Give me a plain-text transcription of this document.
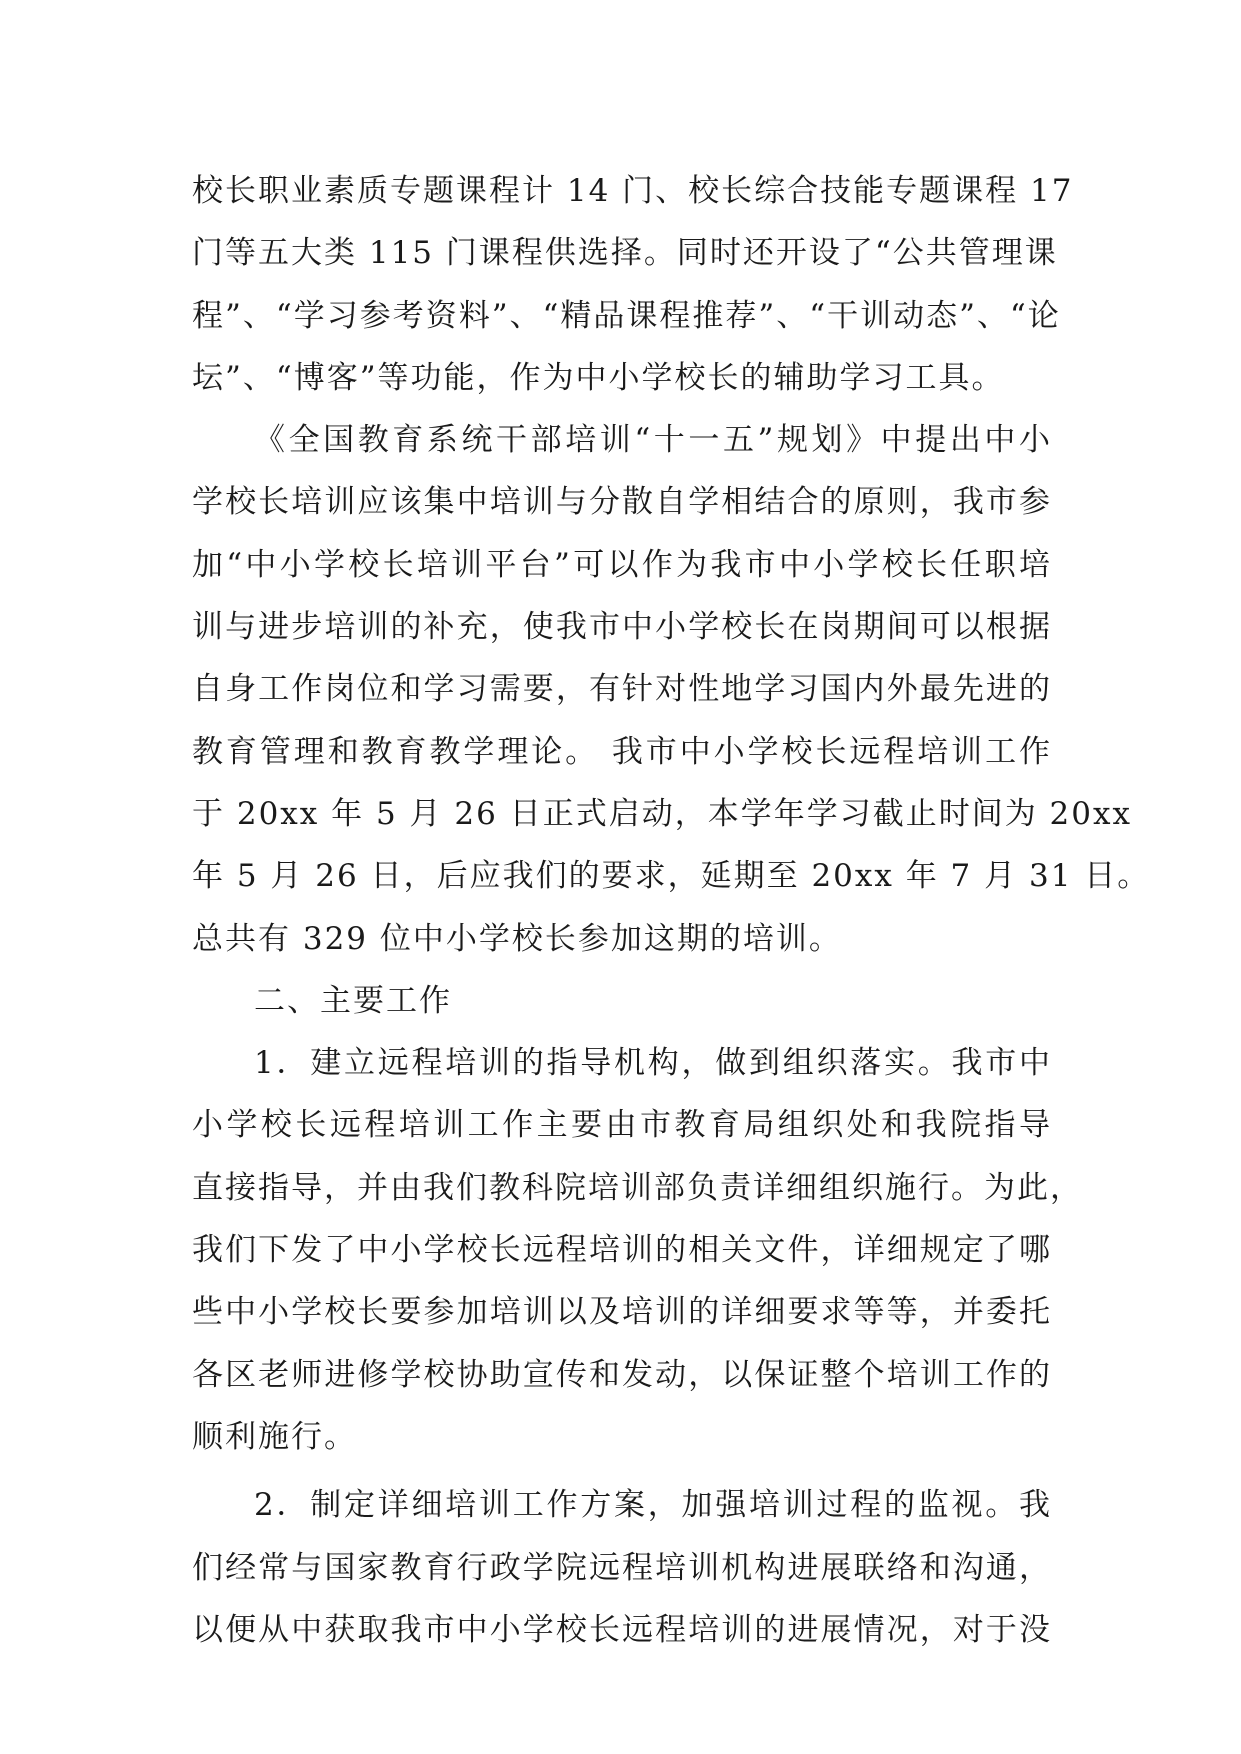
校长职业素质专题课程计 14 门、校长综合技能专题课程 17
门等五大类 115 门课程供选择。同时还开设了“公共管理课
程”、“学习参考资料”、“精品课程推荐”、“干训动态”、“论
坛”、“博客”等功能，作为中小学校长的辅助学习工具。
《全国教育系统干部培训“十一五”规划》中提出中小
学校长培训应该集中培训与分散自学相结合的原则，我市参
加“中小学校长培训平台”可以作为我市中小学校长任职培
训与进步培训的补充，使我市中小学校长在岗期间可以根据
自身工作岗位和学习需要，有针对性地学习国内外最先进的
教育管理和教育教学理论。 我市中小学校长远程培训工作
于 20xx 年 5 月 26 日正式启动，本学年学习截止时间为 20xx
年 5 月 26 日，后应我们的要求，延期至 20xx 年 7 月 31 日。
总共有 329 位中小学校长参加这期的培训。
二、主要工作
1．建立远程培训的指导机构，做到组织落实。我市中
小学校长远程培训工作主要由市教育局组织处和我院指导
直接指导，并由我们教科院培训部负责详细组织施行。为此，
我们下发了中小学校长远程培训的相关文件，详细规定了哪
些中小学校长要参加培训以及培训的详细要求等等，并委托
各区老师进修学校协助宣传和发动，以保证整个培训工作的
顺利施行。
2．制定详细培训工作方案，加强培训过程的监视。我
们经常与国家教育行政学院远程培训机构进展联络和沟通，
以便从中获取我市中小学校长远程培训的进展情况，对于没
